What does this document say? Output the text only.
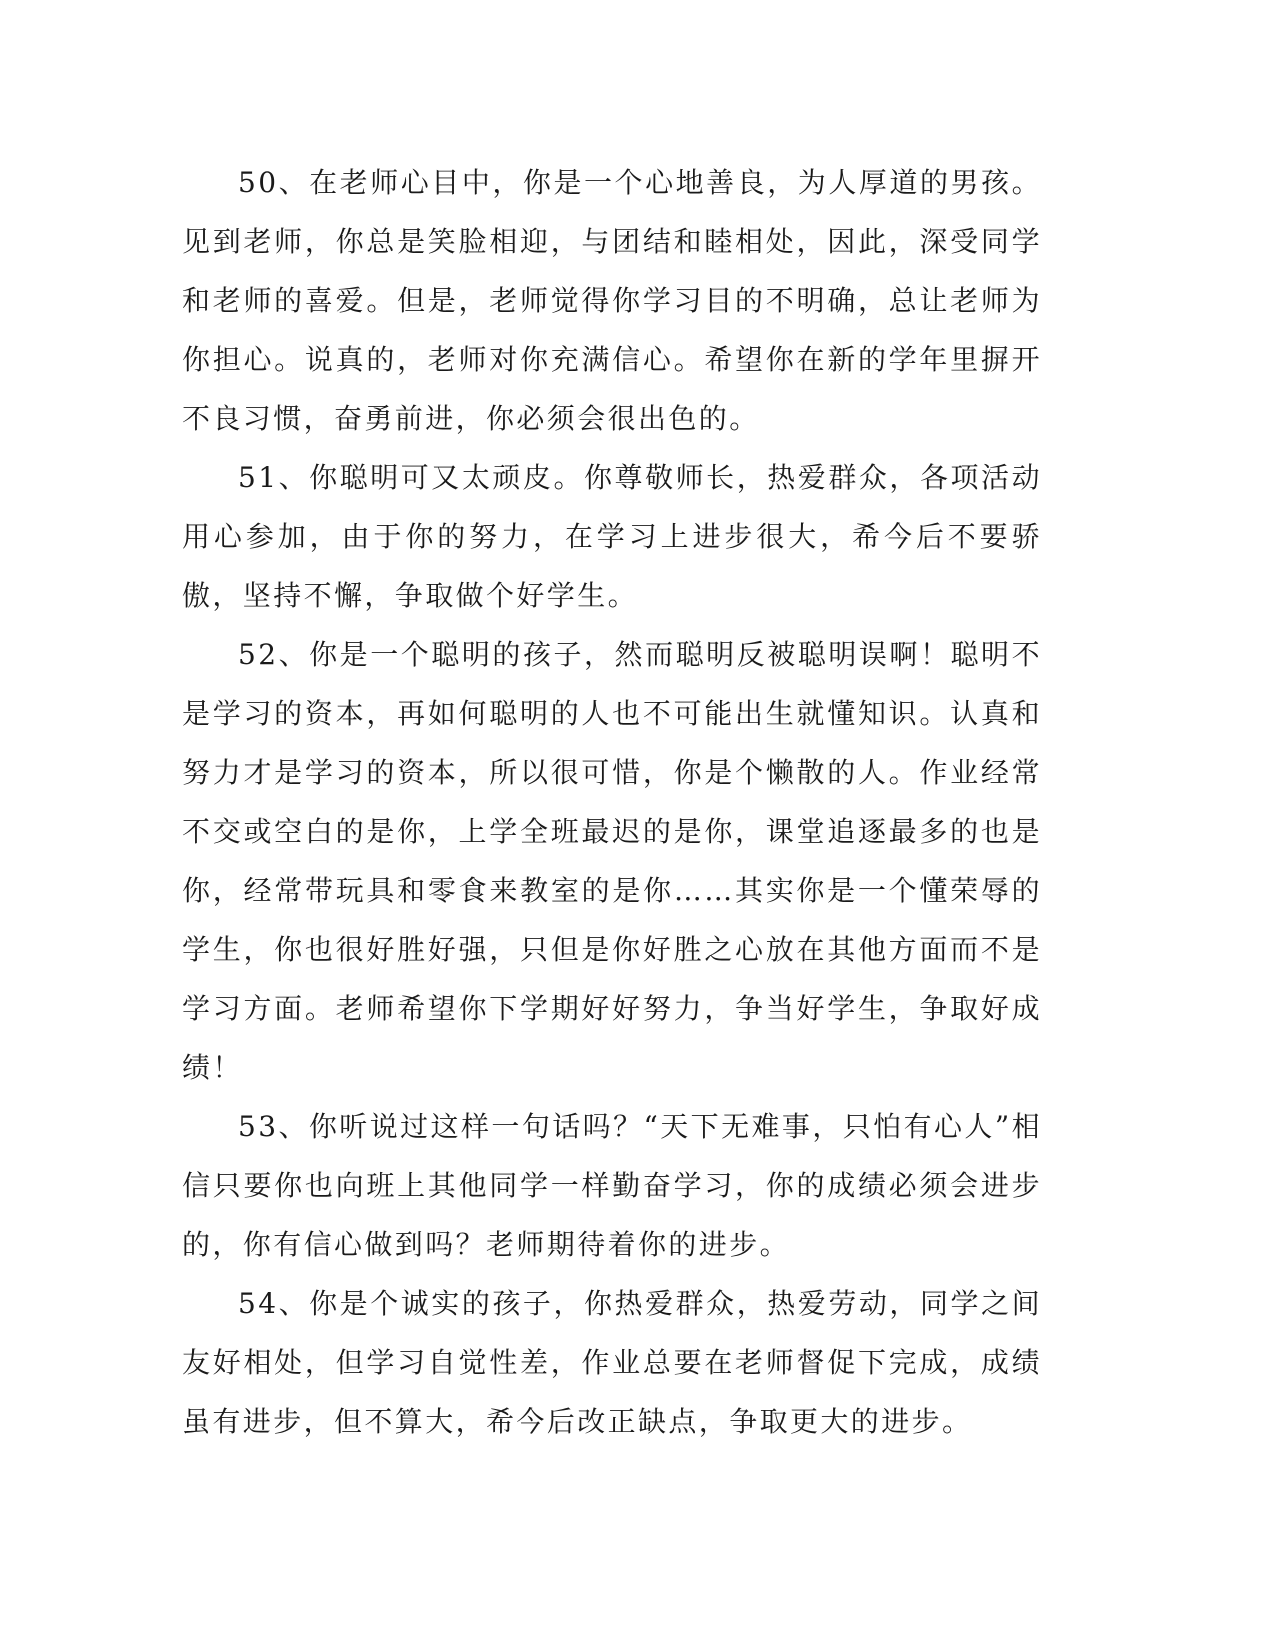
50、在老师心目中，你是一个心地善良，为人厚道的男孩。见到老师，你总是笑脸相迎，与团结和睦相处，因此，深受同学和老师的喜爱。但是，老师觉得你学习目的不明确，总让老师为你担心。说真的，老师对你充满信心。希望你在新的学年里摒开不良习惯，奋勇前进，你必须会很出色的。

51、你聪明可又太顽皮。你尊敬师长，热爱群众，各项活动用心参加，由于你的努力，在学习上进步很大，希今后不要骄傲，坚持不懈，争取做个好学生。

52、你是一个聪明的孩子，然而聪明反被聪明误啊！聪明不是学习的资本，再如何聪明的人也不可能出生就懂知识。认真和努力才是学习的资本，所以很可惜，你是个懒散的人。作业经常不交或空白的是你，上学全班最迟的是你，课堂追逐最多的也是你，经常带玩具和零食来教室的是你……其实你是一个懂荣辱的学生，你也很好胜好强，只但是你好胜之心放在其他方面而不是学习方面。老师希望你下学期好好努力，争当好学生，争取好成绩！

53、你听说过这样一句话吗？“天下无难事，只怕有心人”相信只要你也向班上其他同学一样勤奋学习，你的成绩必须会进步的，你有信心做到吗？老师期待着你的进步。

54、你是个诚实的孩子，你热爱群众，热爱劳动，同学之间友好相处，但学习自觉性差，作业总要在老师督促下完成，成绩虽有进步，但不算大，希今后改正缺点，争取更大的进步。
